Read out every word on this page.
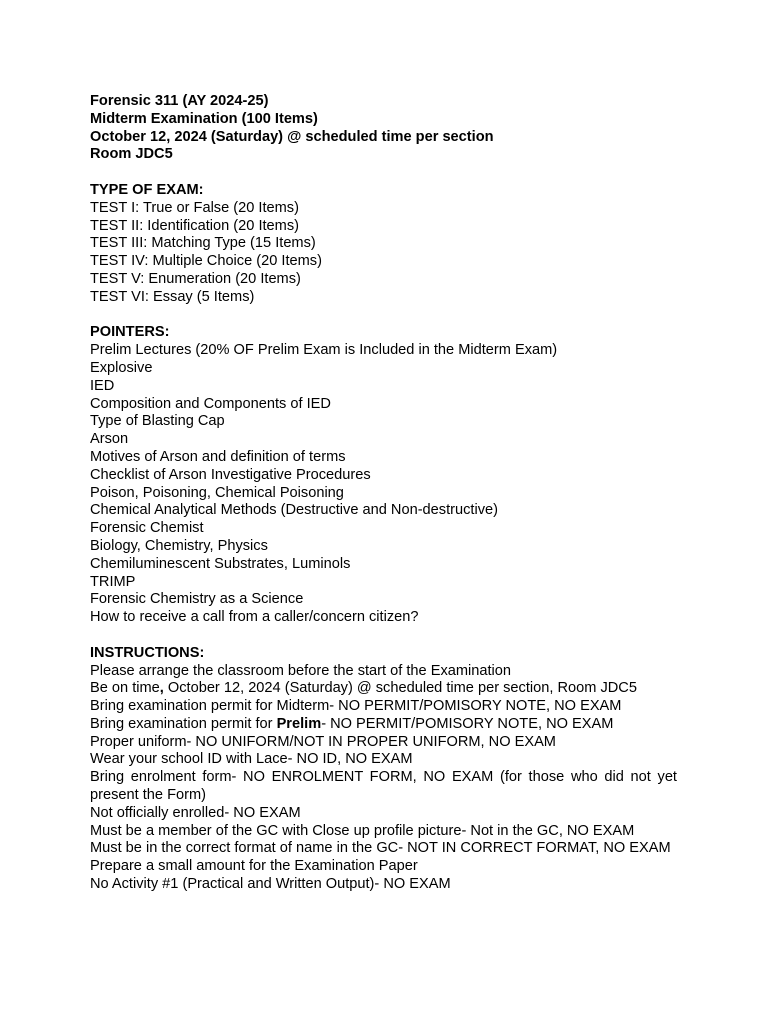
Forensic 311 (AY 2024-25)
Midterm Examination (100 Items)
October 12, 2024 (Saturday) @ scheduled time per section
Room JDC5
TYPE OF EXAM:
TEST I: True or False (20 Items)
TEST II: Identification (20 Items)
TEST III: Matching Type (15 Items)
TEST IV: Multiple Choice (20 Items)
TEST V: Enumeration (20 Items)
TEST VI: Essay (5 Items)
POINTERS:
Prelim Lectures (20% OF Prelim Exam is Included in the Midterm Exam)
Explosive
IED
Composition and Components of IED
Type of Blasting Cap
Arson
Motives of Arson and definition of terms
Checklist of Arson Investigative Procedures
Poison, Poisoning, Chemical Poisoning
Chemical Analytical Methods (Destructive and Non-destructive)
Forensic Chemist
Biology, Chemistry, Physics
Chemiluminescent Substrates, Luminols
TRIMP
Forensic Chemistry as a Science
How to receive a call from a caller/concern citizen?
INSTRUCTIONS:
Please arrange the classroom before the start of the Examination
Be on time, October 12, 2024 (Saturday) @ scheduled time per section, Room JDC5
Bring examination permit for Midterm- NO PERMIT/POMISORY NOTE, NO EXAM
Bring examination permit for Prelim- NO PERMIT/POMISORY NOTE, NO EXAM
Proper uniform- NO UNIFORM/NOT IN PROPER UNIFORM, NO EXAM
Wear your school ID with Lace- NO ID, NO EXAM
Bring enrolment form- NO ENROLMENT FORM, NO EXAM (for those who did not yet present the Form)
Not officially enrolled- NO EXAM
Must be a member of the GC with Close up profile picture- Not in the GC, NO EXAM
Must be in the correct format of name in the GC- NOT IN CORRECT FORMAT, NO EXAM
Prepare a small amount for the Examination Paper
No Activity #1 (Practical and Written Output)- NO EXAM
